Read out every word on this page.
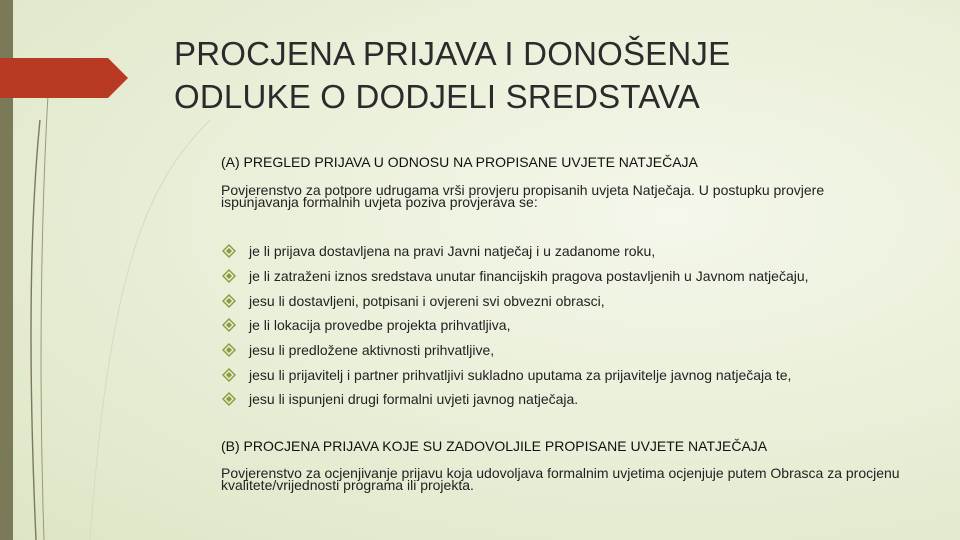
PROCJENA PRIJAVA I DONOŠENJE
ODLUKE O DODJELI SREDSTAVA
(A) PREGLED PRIJAVA U ODNOSU NA PROPISANE UVJETE NATJEČAJA
Povjerenstvo za potpore udrugama vrši provjeru propisanih uvjeta Natječaja. U postupku provjere ispunjavanja formalnih uvjeta poziva provjerava se:
je li prijava dostavljena na pravi Javni natječaj i u zadanome roku,
je li zatraženi iznos sredstava unutar financijskih pragova postavljenih u Javnom natječaju,
jesu li dostavljeni, potpisani i ovjereni svi obvezni obrasci,
je li lokacija provedbe projekta prihvatljiva,
jesu li predložene aktivnosti prihvatljive,
jesu li prijavitelj i partner prihvatljivi sukladno uputama za prijavitelje javnog natječaja te,
jesu li ispunjeni drugi formalni uvjeti javnog natječaja.
(B) PROCJENA PRIJAVA KOJE SU ZADOVOLJILE PROPISANE UVJETE NATJEČAJA
Povjerenstvo za ocjenjivanje prijavu koja udovoljava formalnim uvjetima ocjenjuje putem Obrasca za procjenu kvalitete/vrijednosti programa ili projekta.
